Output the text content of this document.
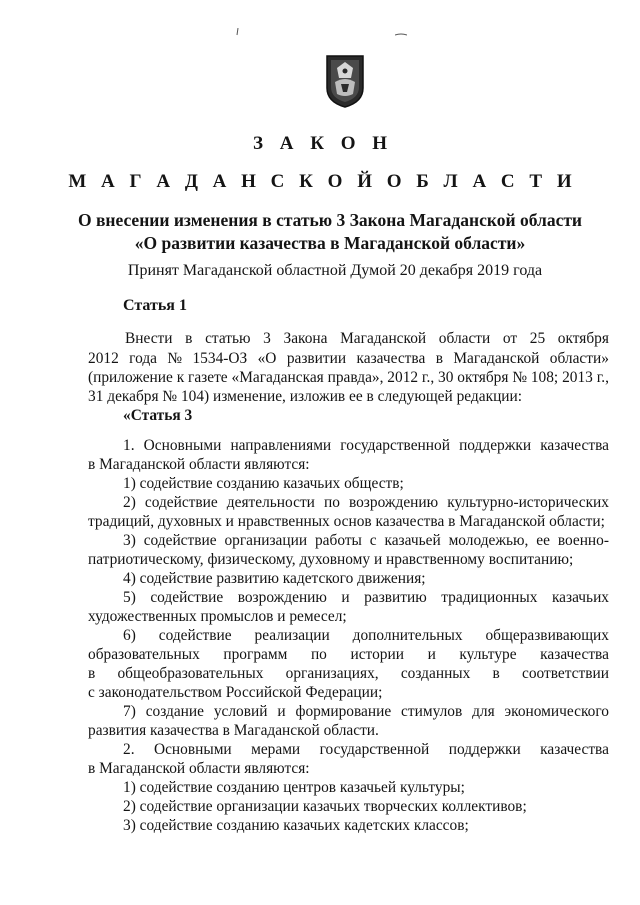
З А К О Н
М А Г А Д А Н С К О Й О Б Л А С Т И
О внесении изменения в статью 3 Закона Магаданской области
«О развитии казачества в Магаданской области»
Принят Магаданской областной Думой 20 декабря 2019 года
Статья 1
Внести в статью 3 Закона Магаданской области от 25 октября
2012 года № 1534-ОЗ «О развитии казачества в Магаданской области»
(приложение к газете «Магаданская правда», 2012 г., 30 октября № 108; 2013 г.,
31 декабря № 104) изменение, изложив ее в следующей редакции:
«Статья 3
1. Основными направлениями государственной поддержки казачества
в Магаданской области являются:
1) содействие созданию казачьих обществ;
2) содействие деятельности по возрождению культурно-исторических
традиций, духовных и нравственных основ казачества в Магаданской области;
3) содействие организации работы с казачьей молодежью, ее военно-
патриотическому, физическому, духовному и нравственному воспитанию;
4) содействие развитию кадетского движения;
5) содействие возрождению и развитию традиционных казачьих
художественных промыслов и ремесел;
6) содействие реализации дополнительных общеразвивающих
образовательных программ по истории и культуре казачества
в общеобразовательных организациях, созданных в соответствии
с законодательством Российской Федерации;
7) создание условий и формирование стимулов для экономического
развития казачества в Магаданской области.
2. Основными мерами государственной поддержки казачества
в Магаданской области являются:
1) содействие созданию центров казачьей культуры;
2) содействие организации казачьих творческих коллективов;
3) содействие созданию казачьих кадетских классов;
